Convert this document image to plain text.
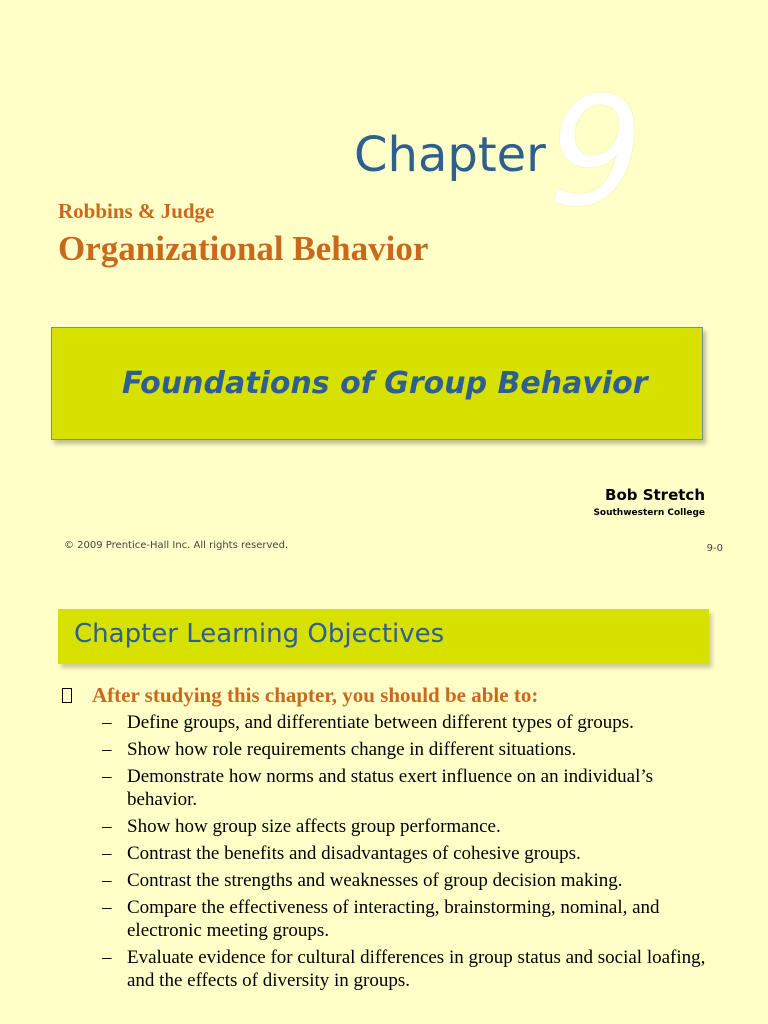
9
Chapter
Robbins & Judge
Organizational Behavior
Foundations of Group Behavior
Bob Stretch
Southwestern College
© 2009 Prentice-Hall Inc. All rights reserved.	9-0
Chapter Learning Objectives
After studying this chapter, you should be able to:
– Define groups, and differentiate between different types of groups.
– Show how role requirements change in different situations.
– Demonstrate how norms and status exert influence on an individual’s behavior.
– Show how group size affects group performance.
– Contrast the benefits and disadvantages of cohesive groups.
– Contrast the strengths and weaknesses of group decision making.
– Compare the effectiveness of interacting, brainstorming, nominal, and electronic meeting groups.
– Evaluate evidence for cultural differences in group status and social loafing, and the effects of diversity in groups.
